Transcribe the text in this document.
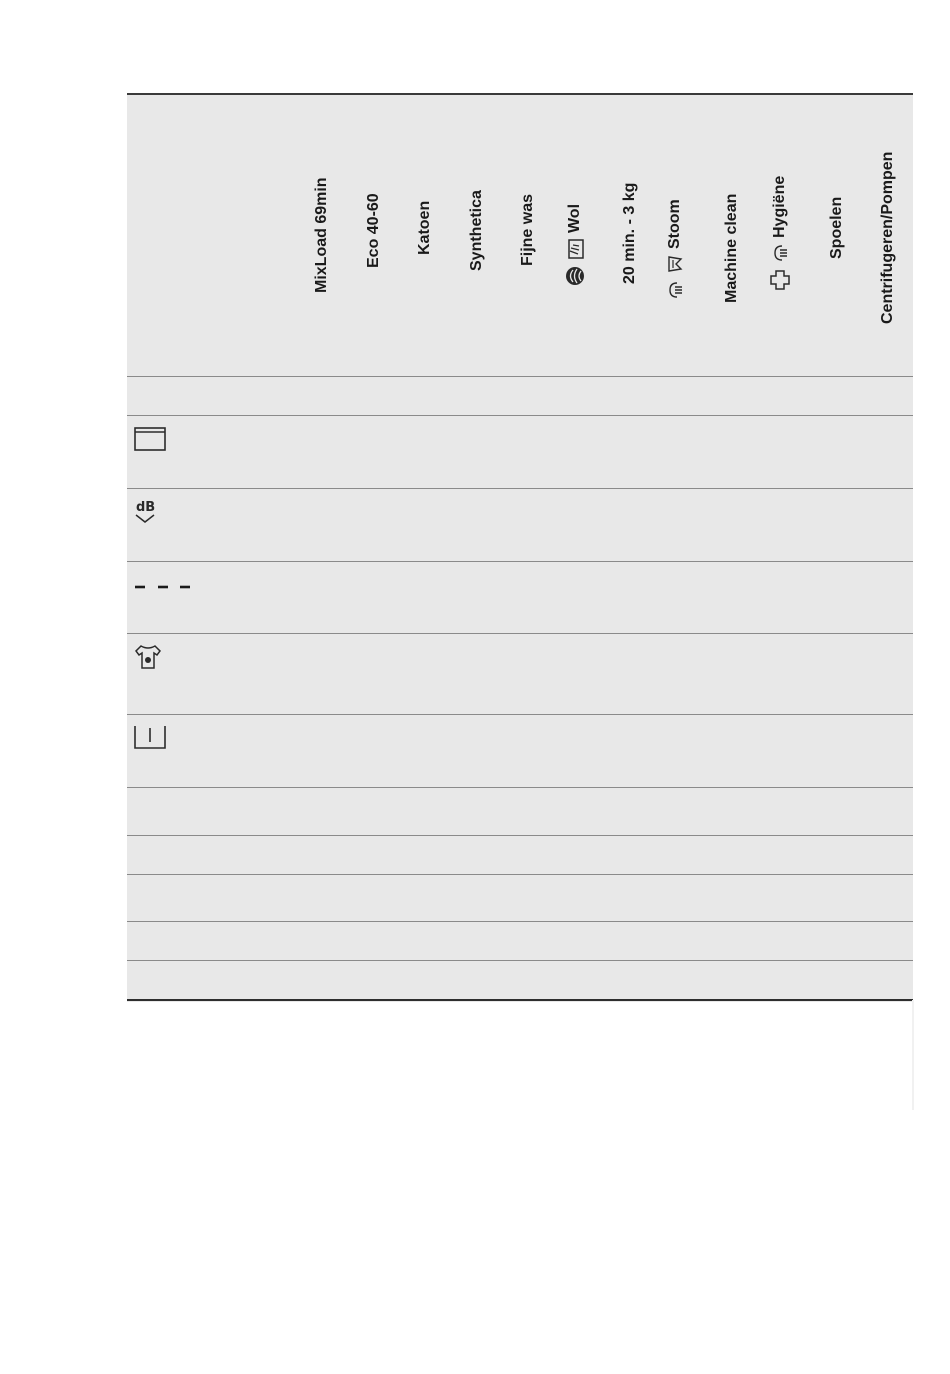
MixLoad 69min Eco 40-60 Katoen Synthetica Fijne was Wol 20 min. - 3 kg Stoom	Machine clean Hygiëne	Spoelen Centrifugeren/Pompen
dB
